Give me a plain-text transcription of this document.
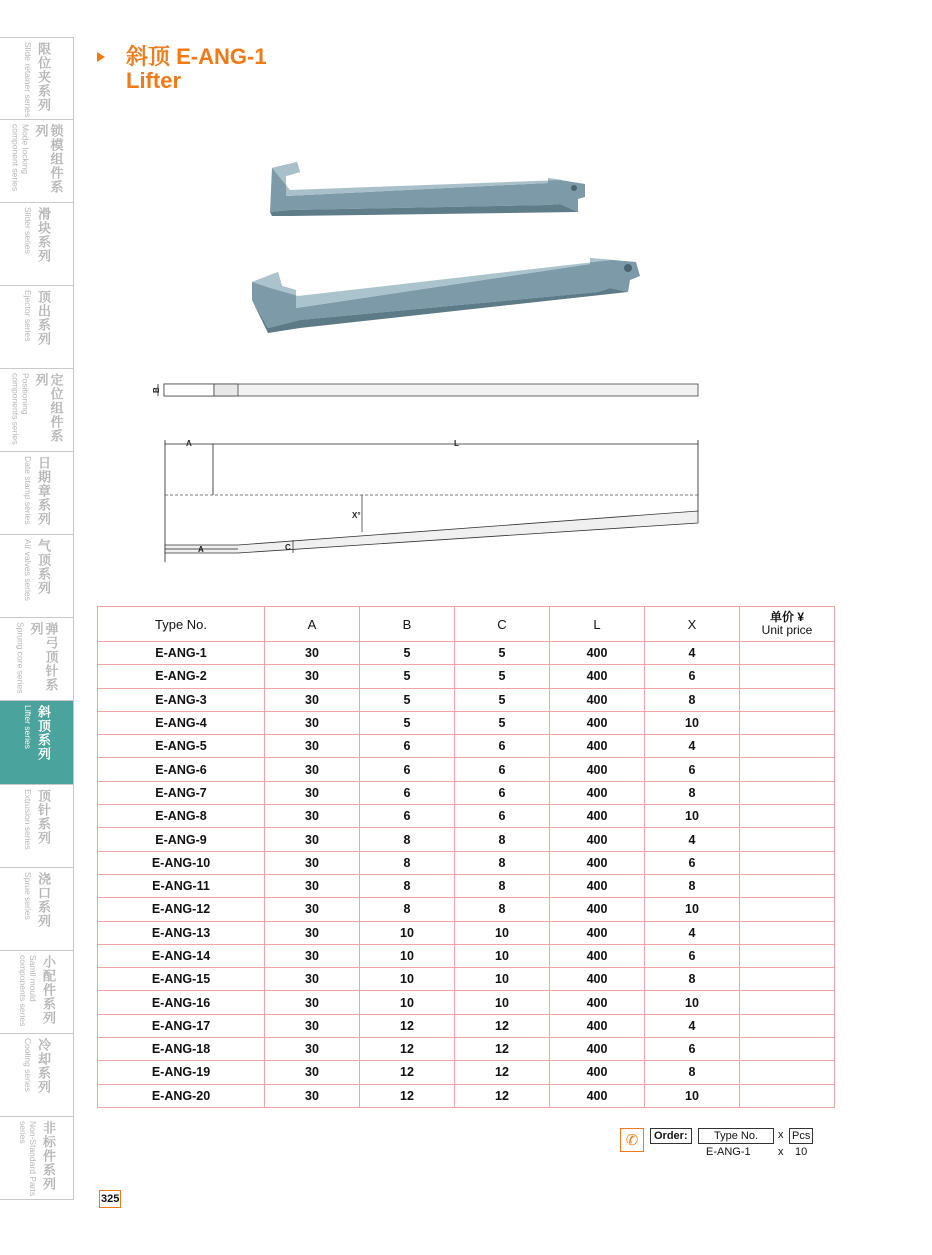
限位夹系列
Slide retainer series
锁模组件系列
Mode locking component series
滑块系列
Slider series
顶出系列
Ejector series
定位组件系列
Positioning components series
日期章系列
Date stamp series
气顶系列
Air valves series
弹弓顶针系列
Sprung core series
斜顶系列
Lifter series
顶针系列
Extrusion series
浇口系列
Sprue series
小配件系列
Samll mould components series
冷却系列
Cooling series
非标件系列
Non-Standard Parts series
斜顶 E-ANG-1
Lifter
B
A	L
A
X°
C
Type No.	A	B	C	L	X	单价 ¥
Unit price

E-ANG-1	30	5	5	400	4	
E-ANG-2	30	5	5	400	6	
E-ANG-3	30	5	5	400	8	
E-ANG-4	30	5	5	400	10	
E-ANG-5	30	6	6	400	4	
E-ANG-6	30	6	6	400	6	
E-ANG-7	30	6	6	400	8	
E-ANG-8	30	6	6	400	10	
E-ANG-9	30	8	8	400	4	
E-ANG-10	30	8	8	400	6	
E-ANG-11	30	8	8	400	8	
E-ANG-12	30	8	8	400	10	
E-ANG-13	30	10	10	400	4	
E-ANG-14	30	10	10	400	6	
E-ANG-15	30	10	10	400	8	
E-ANG-16	30	10	10	400	10	
E-ANG-17	30	12	12	400	4	
E-ANG-18	30	12	12	400	6	
E-ANG-19	30	12	12	400	8	
E-ANG-20	30	12	12	400	10	
✆	Order:	Type No.	x Pcs
E-ANG-1 x 10
325
